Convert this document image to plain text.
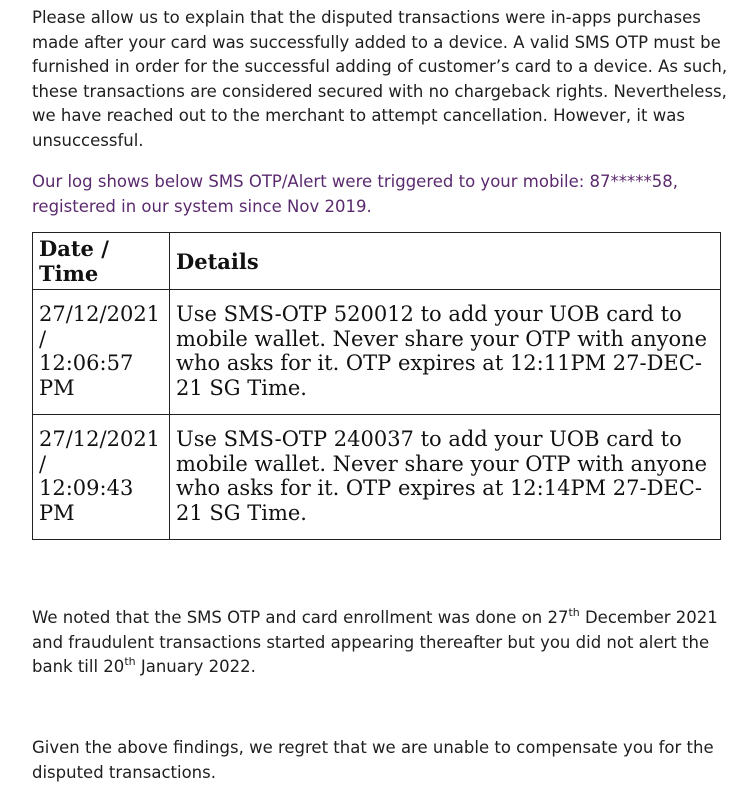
Please allow us to explain that the disputed transactions were in-apps purchases made after your card was successfully added to a device. A valid SMS OTP must be furnished in order for the successful adding of customer’s card to a device. As such, these transactions are considered secured with no chargeback rights. Nevertheless, we have reached out to the merchant to attempt cancellation. However, it was unsuccessful.

Our log shows below SMS OTP/Alert were triggered to your mobile: 87*****58, registered in our system since Nov 2019.

Date / Time	Details

27/12/2021 /
12:06:57
PM	Use SMS-OTP 520012 to add your UOB card to mobile wallet. Never share your OTP with anyone who asks for it. OTP expires at 12:11PM 27-DEC-21 SG Time.

27/12/2021 /
12:09:43
PM	Use SMS-OTP 240037 to add your UOB card to mobile wallet. Never share your OTP with anyone who asks for it. OTP expires at 12:14PM 27-DEC-21 SG Time.

We noted that the SMS OTP and card enrollment was done on 27th December 2021 and fraudulent transactions started appearing thereafter but you did not alert the bank till 20th January 2022.

Given the above findings, we regret that we are unable to compensate you for the disputed transactions.
